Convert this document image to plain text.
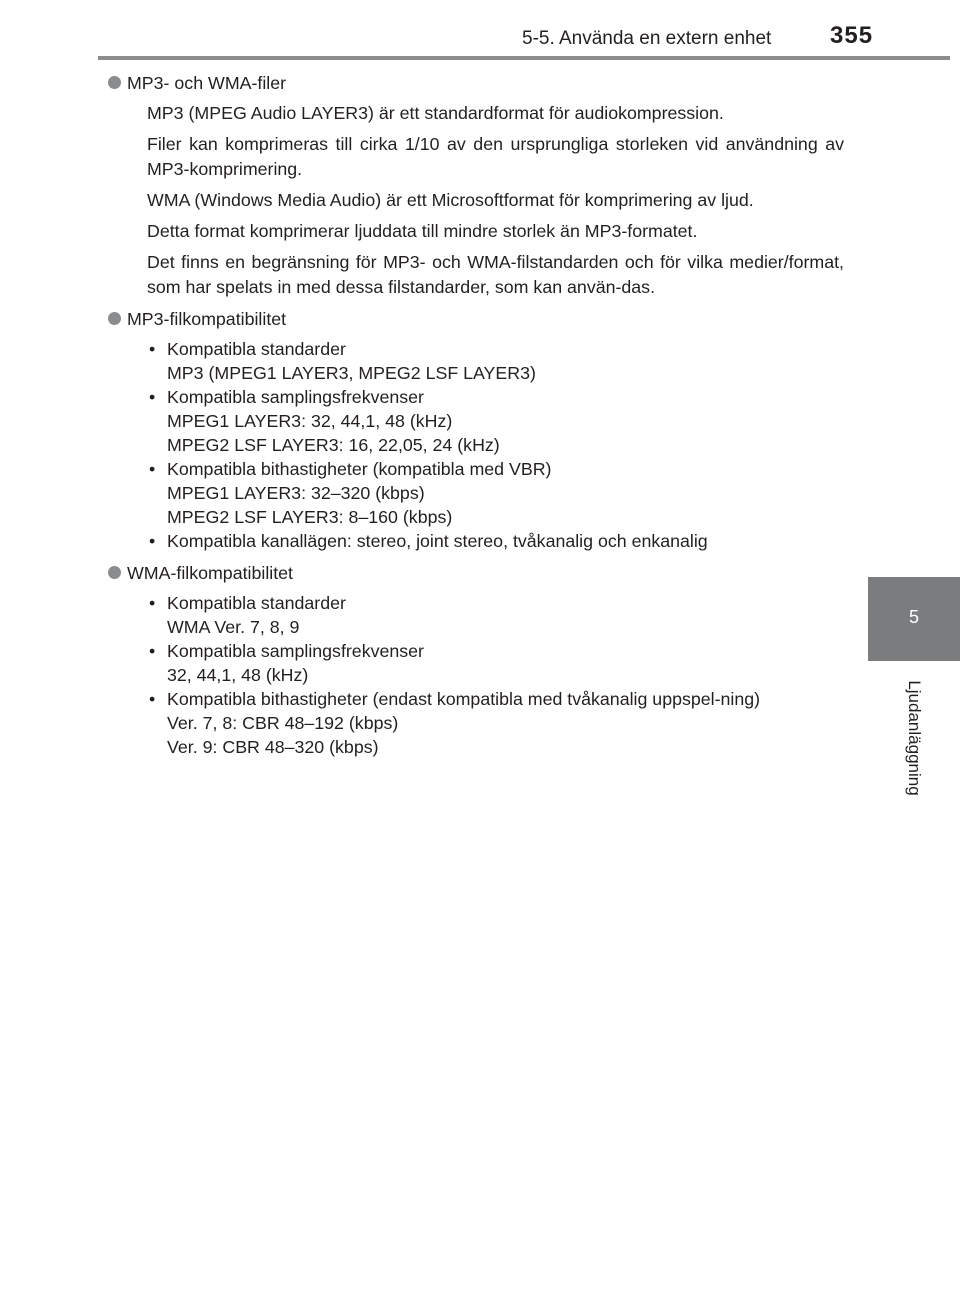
5-5. Använda en extern enhet 355
5
Ljudanläggning
MP3- och WMA-filer

MP3 (MPEG Audio LAYER3) är ett standardformat för audiokompression.

Filer kan komprimeras till cirka 1/10 av den ursprungliga storleken vid användning av MP3-komprimering.

WMA (Windows Media Audio) är ett Microsoftformat för komprimering av ljud.

Detta format komprimerar ljuddata till mindre storlek än MP3-formatet.

Det finns en begränsning för MP3- och WMA-filstandarden och för vilka medier/format, som har spelats in med dessa filstandarder, som kan använ-das.

MP3-filkompatibilitet
• Kompatibla standarder
MP3 (MPEG1 LAYER3, MPEG2 LSF LAYER3)
• Kompatibla samplingsfrekvenser
MPEG1 LAYER3: 32, 44,1, 48 (kHz)
MPEG2 LSF LAYER3: 16, 22,05, 24 (kHz)
• Kompatibla bithastigheter (kompatibla med VBR)
MPEG1 LAYER3: 32–320 (kbps)
MPEG2 LSF LAYER3: 8–160 (kbps)
• Kompatibla kanallägen: stereo, joint stereo, tvåkanalig och enkanalig
WMA-filkompatibilitet
• Kompatibla standarder
WMA Ver. 7, 8, 9
• Kompatibla samplingsfrekvenser
32, 44,1, 48 (kHz)
• Kompatibla bithastigheter (endast kompatibla med tvåkanalig uppspel-ning)
Ver. 7, 8: CBR 48–192 (kbps)
Ver. 9: CBR 48–320 (kbps)
